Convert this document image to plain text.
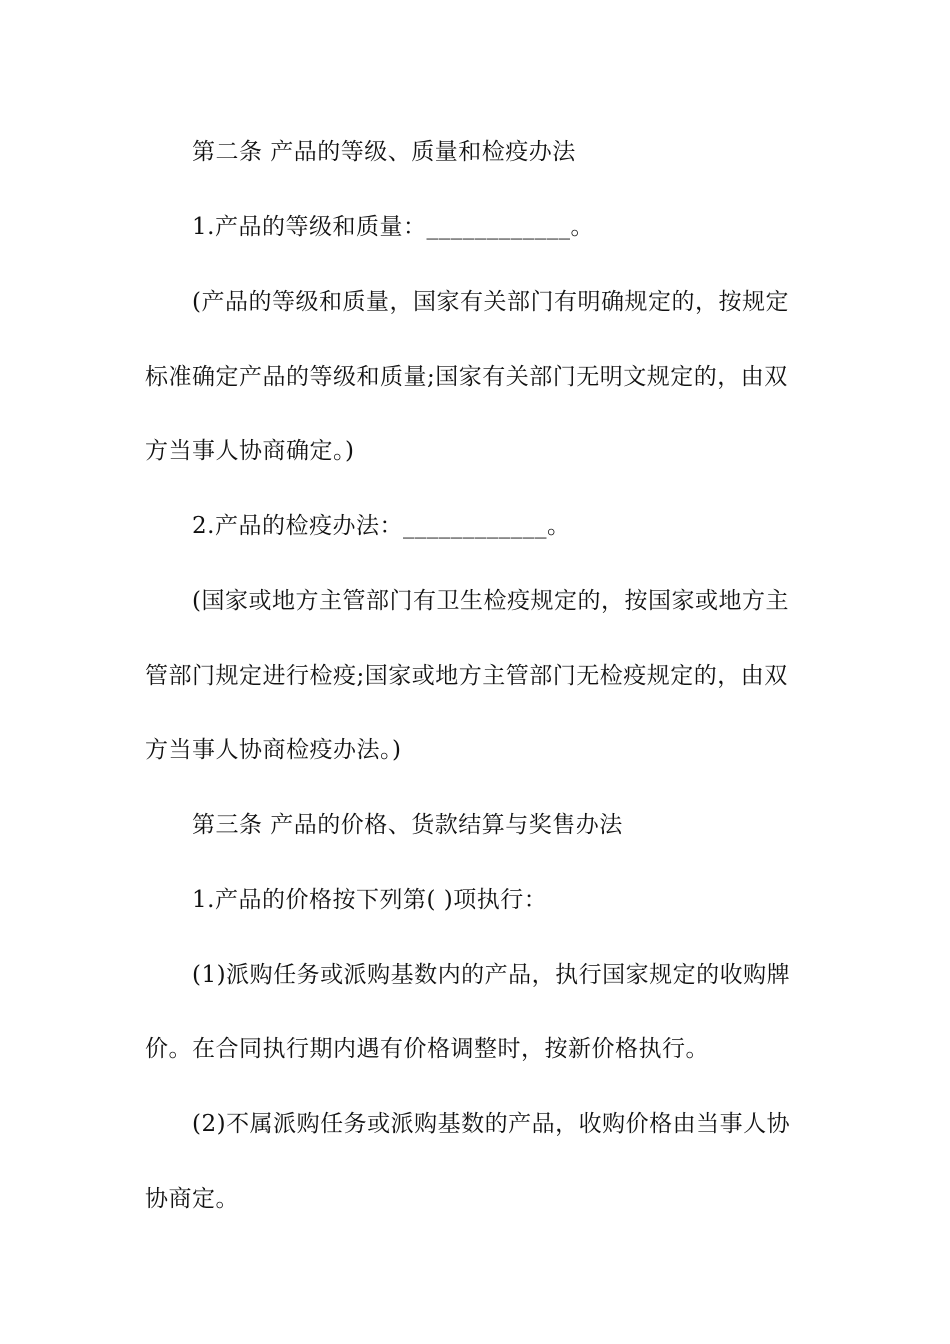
第二条 产品的等级、质量和检疫办法
1.产品的等级和质量：____________。
(产品的等级和质量，国家有关部门有明确规定的，按规定
标准确定产品的等级和质量;国家有关部门无明文规定的，由双
方当事人协商确定。)
2.产品的检疫办法：____________。
(国家或地方主管部门有卫生检疫规定的，按国家或地方主
管部门规定进行检疫;国家或地方主管部门无检疫规定的，由双
方当事人协商检疫办法。)
第三条 产品的价格、货款结算与奖售办法
1.产品的价格按下列第( )项执行：
(1)派购任务或派购基数内的产品，执行国家规定的收购牌
价。在合同执行期内遇有价格调整时，按新价格执行。
(2)不属派购任务或派购基数的产品，收购价格由当事人协
协商定。
